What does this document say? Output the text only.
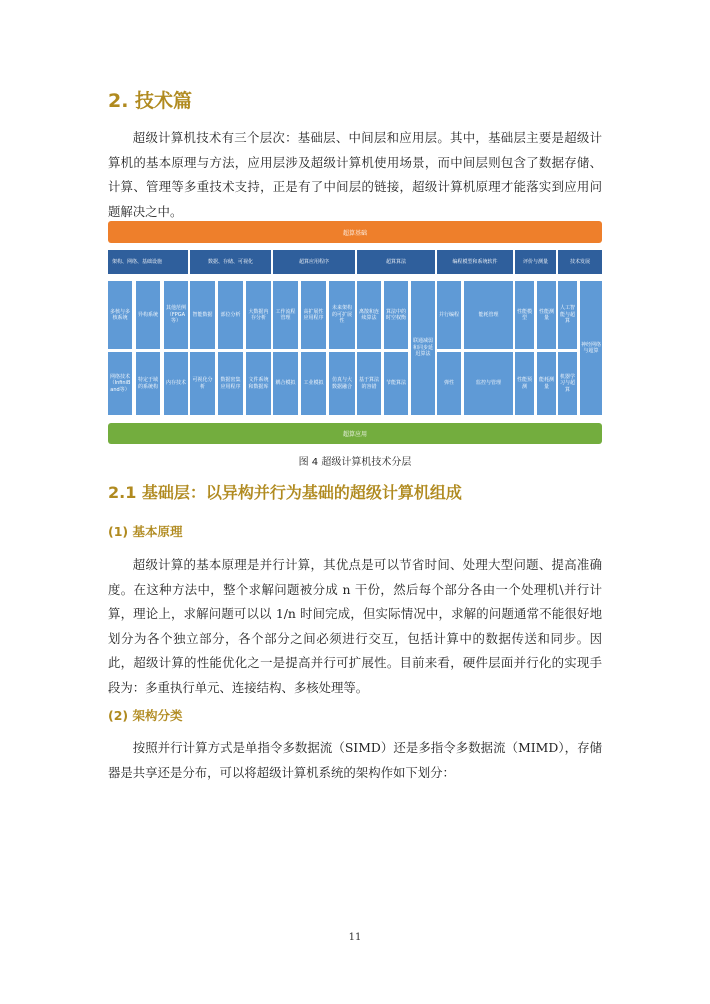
2. 技术篇

超级计算机技术有三个层次：基础层、中间层和应用层。其中，基础层主要是超级计算机的基本原理与方法，应用层涉及超级计算机使用场景，而中间层则包含了数据存储、计算、管理等多重技术支持，正是有了中间层的链接，超级计算机原理才能落实到应用问题解决之中。

超算基础
架构、网络、基础设施	数据、存储、可视化	超算应用程序	超算算法	编程模型和系统软件	评价与测量	技术发展
多核与多核系统
异构系统
其他范例（FPGA等）
智能数据	部位分析
大数据内存分析
工作流程管理
高扩展性应用程序
未来架构的可扩展性
离散和连续算法
算法中的时空权衡
联通减弱和同步延迟算法
并行编程	能耗管理
性能模型
性能测量
人工智能与超算
神经网络与超算
网络技术（InfiniBand等）
特定于域的系统构
内存技术
可视化分析
数据密集应用程序
文件系统和数据库
耦合模拟	工业模拟
仿真与大数据融合
基于算法的容错
节能算法	弹性	监控与管理
性能预测
能耗测量
机器学习与超算
超算应用

图 4 超级计算机技术分层

2.1 基础层：以异构并行为基础的超级计算机组成
(1) 基本原理

超级计算的基本原理是并行计算，其优点是可以节省时间、处理大型问题、提高准确度。在这种方法中，整个求解问题被分成 n 干份，然后每个部分各由一个处理机\并行计算，理论上，求解问题可以以 1/n 时间完成，但实际情况中，求解的问题通常不能很好地划分为各个独立部分，各个部分之间必须进行交互，包括计算中的数据传送和同步。因此，超级计算的性能优化之一是提高并行可扩展性。目前来看，硬件层面并行化的实现手段为：多重执行单元、连接结构、多核处理等。

(2) 架构分类

按照并行计算方式是单指令多数据流（SIMD）还是多指令多数据流（MIMD），存储器是共享还是分布，可以将超级计算机系统的架构作如下划分：

11
